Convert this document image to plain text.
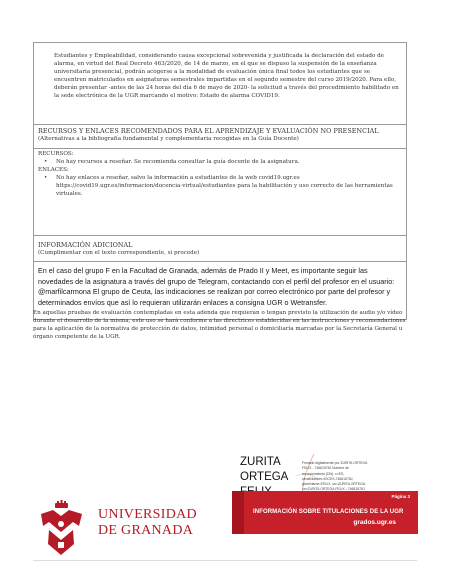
Estudiantes y Empleabilidad, considerando causa excepcional sobrevenida y justificada la declaración del estado de alarma, en virtud del Real Decreto 463/2020, de 14 de marzo, en el que se dispuso la suspensión de la enseñanza universitaria presencial, podrán acogerse a la modalidad de evaluación única final todos los estudiantes que se encuentren matriculados en asignaturas semestrales impartidas en el segundo semestre del curso 2019/2020. Para ello, deberán presentar -antes de las 24 horas del día 6 de mayo de 2020- la solicitud a través del procedimiento habilitado en la sede electrónica de la UGR marcando el motivo: Estado de alarma COVID19.

RECURSOS Y ENLACES RECOMENDADOS PARA EL APRENDIZAJE Y EVALUACIÓN NO PRESENCIAL

(Alternativas a la bibliografía fundamental y complementaria recogidas en la Guía Docente)

RECURSOS:

• No hay recursos a reseñar. Se recomienda consultar la guía docente de la asignatura.

ENLACES:

• No hay enlaces a reseñar, salvo la información a estudiantes de la web covid19.ugr.es https://covid19.ugr.es/informacion/docencia-virtual/estudiantes para la habilitación y uso correcto de las herramientas virtuales.

INFORMACIÓN ADICIONAL

(Cumplimentar con el texto correspondiente, si procede)

En el caso del grupo F en la Facultad de Granada, además de Prado II y Meet, es importante seguir las novedades de la asignatura a través del grupo de Telegram, contactando con el perfil del profesor en el usuario: @marfilcarmona El grupo de Ceuta, las indicaciones se realizan por correo electrónico por parte del profesor y determinados envíos que así lo requieran utilizarán enlaces a consigna UGR o Wetransfer.

En aquellas pruebas de evaluación contempladas en esta adenda que requieran o tengan previsto la utilización de audio y/o vídeo durante el desarrollo de la misma, este uso se hará conforme a las directrices establecidas en las instrucciones y recomendaciones para la aplicación de la normativa de protección de datos, intimidad personal o domiciliaria marcadas por la Secretaría General u órgano competente de la UGR.

ZURITA
ORTEGA
Firmado digitalmente por ZURITA ORTEGA FELIX - 74661578J Nombre de reconocimiento (DN): c=ES, serialNumber=IDCES-74661578J, givenName=FELIX, sn=ZURITA ORTEGA, cn=ZURITA ORTEGA FELIX - 74661578J
UNIVERSIDAD
DE GRANADA
Página 3
INFORMACIÓN SOBRE TITULACIONES DE LA UGR
grados.ugr.es
